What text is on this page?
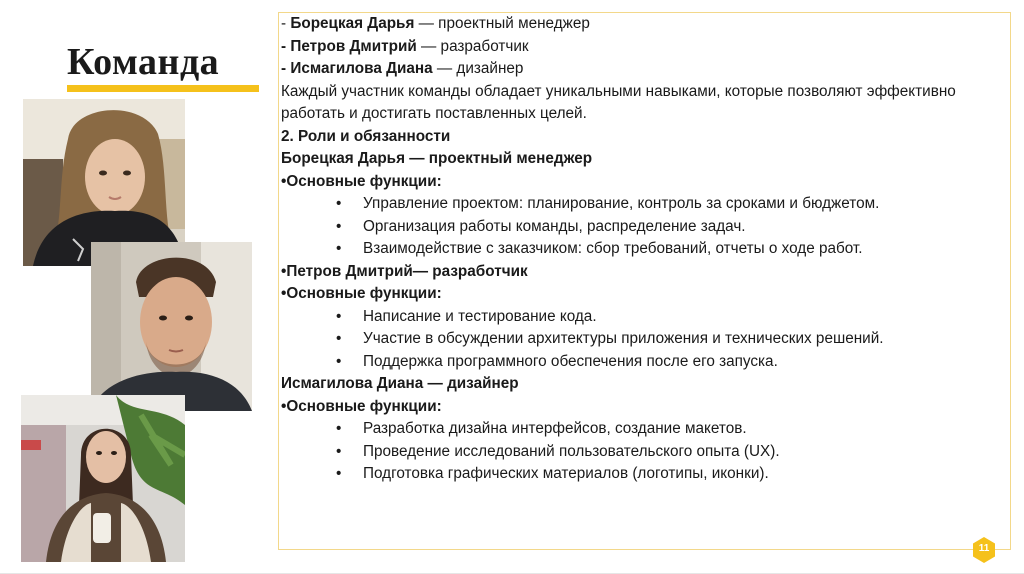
Команда
- Борецкая Дарья — проектный менеджер
- Петров Дмитрий — разработчик
- Исмагилова Диана — дизайнер
Каждый участник команды обладает уникальными навыками, которые позволяют эффективно работать и достигать поставленных целей.
2. Роли и обязанности
Борецкая Дарья — проектный менеджер
•Основные функции:
• Управление проектом: планирование, контроль за сроками и бюджетом.
• Организация работы команды, распределение задач.
• Взаимодействие с заказчиком: сбор требований, отчеты о ходе работ.
•Петров Дмитрий— разработчик
•Основные функции:
• Написание и тестирование кода.
• Участие в обсуждении архитектуры приложения и технических решений.
• Поддержка программного обеспечения после его запуска.
Исмагилова Диана — дизайнер
•Основные функции:
• Разработка дизайна интерфейсов, создание макетов.
• Проведение исследований пользовательского опыта (UX).
• Подготовка графических материалов (логотипы, иконки).
11
